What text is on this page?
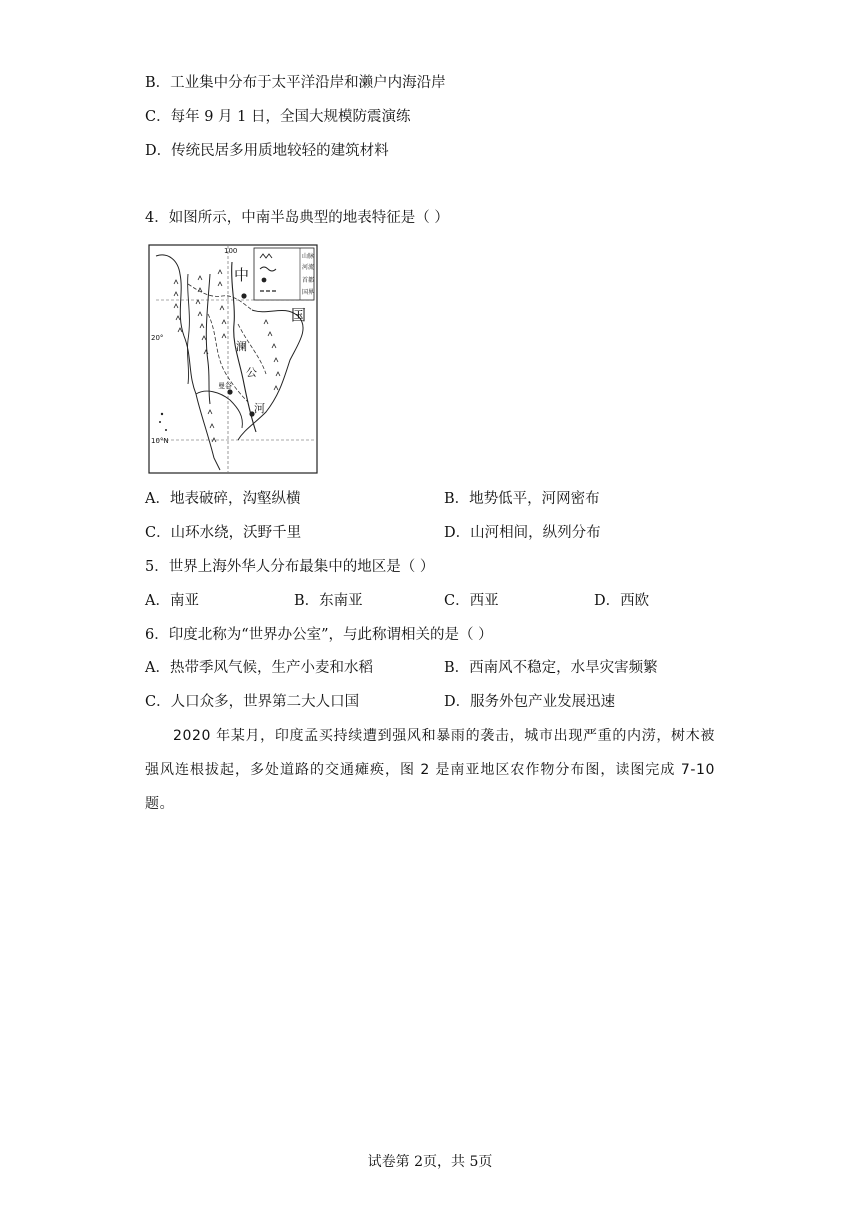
B．工业集中分布于太平洋沿岸和濑户内海沿岸
C．每年 9 月 1 日，全国大规模防震演练
D．传统民居多用质地较轻的建筑材料
4．如图所示，中南半岛典型的地表特征是（ ）
中
国
澜
公
河
曼谷
20°
10°N
100
山脉
河流
首都
国界
A．地表破碎，沟壑纵横	B．地势低平，河网密布
C．山环水绕，沃野千里	D．山河相间，纵列分布
5．世界上海外华人分布最集中的地区是（ ）
A．南亚	B．东南亚	C．西亚	D．西欧
6．印度北称为“世界办公室”，与此称谓相关的是（ ）
A．热带季风气候，生产小麦和水稻	B．西南风不稳定，水旱灾害频繁
C．人口众多，世界第二大人口国	D．服务外包产业发展迅速
2020 年某月，印度孟买持续遭到强风和暴雨的袭击，城市出现严重的内涝，树木被强风连根拔起，多处道路的交通瘫痪，图 2 是南亚地区农作物分布图，读图完成 7-10 题。
试卷第 2页，共 5页
